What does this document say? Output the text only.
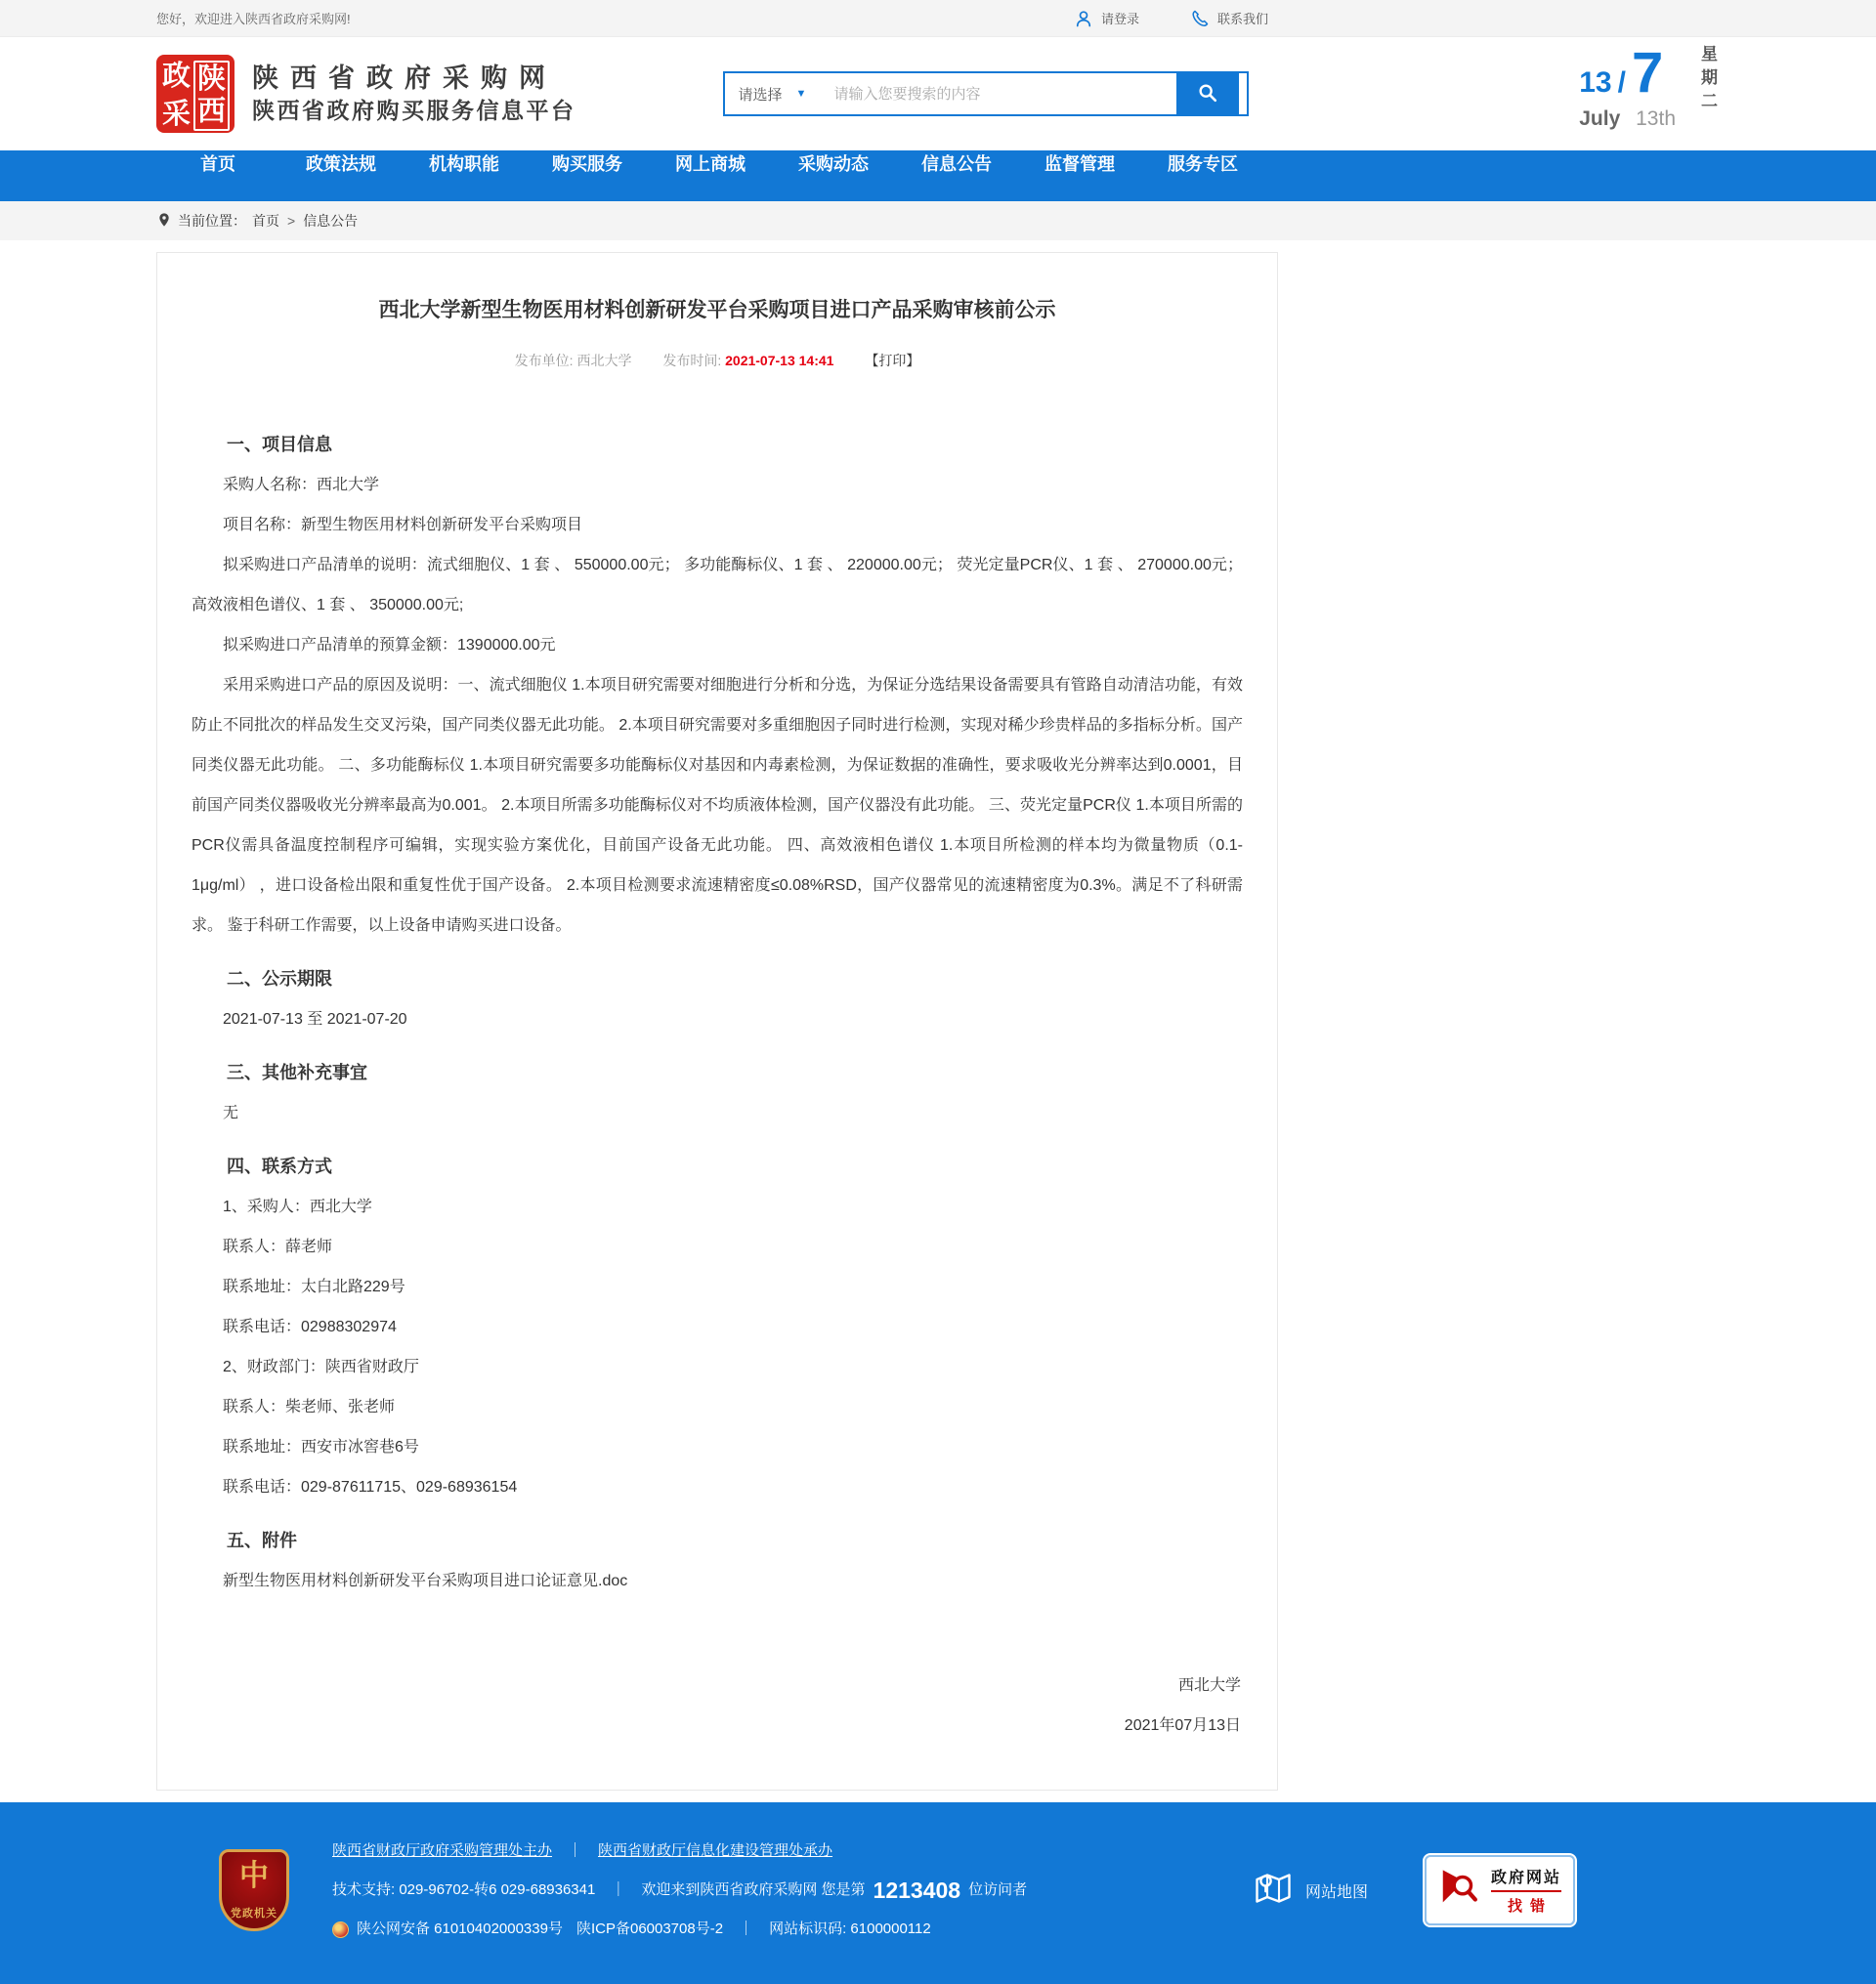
您好，欢迎进入陕西省政府采购网!	请登录	联系我们
政
采
陕
西
陕西省政府采购网
陕西省政府购买服务信息平台
请选择 ▼
请输入您要搜索的内容	13 / 7
July 13th
星期二
首页	政策法规	机构职能	购买服务	网上商城	采购动态	信息公告	监督管理	服务专区
当前位置： 首页 > 信息公告
西北大学新型生物医用材料创新研发平台采购项目进口产品采购审核前公示
发布单位: 西北大学 发布时间: 2021-07-13 14:41 【打印】
一、项目信息

采购人名称：西北大学

项目名称：新型生物医用材料创新研发平台采购项目

拟采购进口产品清单的说明：流式细胞仪、1 套 、 550000.00元； 多功能酶标仪、1 套 、 220000.00元； 荧光定量PCR仪、1 套 、 270000.00元； 高效液相色谱仪、1 套 、 350000.00元;

拟采购进口产品清单的预算金额：1390000.00元

采用采购进口产品的原因及说明：一、流式细胞仪 1.本项目研究需要对细胞进行分析和分选，为保证分选结果设备需要具有管路自动清洁功能，有效防止不同批次的样品发生交叉污染，国产同类仪器无此功能。 2.本项目研究需要对多重细胞因子同时进行检测，实现对稀少珍贵样品的多指标分析。国产同类仪器无此功能。 二、多功能酶标仪 1.本项目研究需要多功能酶标仪对基因和内毒素检测，为保证数据的准确性，要求吸收光分辨率达到0.0001，目前国产同类仪器吸收光分辨率最高为0.001。 2.本项目所需多功能酶标仪对不均质液体检测，国产仪器没有此功能。 三、荧光定量PCR仪 1.本项目所需的PCR仪需具备温度控制程序可编辑，实现实验方案优化，目前国产设备无此功能。 四、高效液相色谱仪 1.本项目所检测的样本均为微量物质（0.1-1μg/ml） ，进口设备检出限和重复性优于国产设备。 2.本项目检测要求流速精密度≤0.08%RSD，国产仪器常见的流速精密度为0.3%。满足不了科研需求。 鉴于科研工作需要，以上设备申请购买进口设备。

二、公示期限

2021-07-13 至 2021-07-20

三、其他补充事宜

无

四、联系方式

1、采购人：西北大学

联系人：薛老师

联系地址：太白北路229号

联系电话：02988302974

2、财政部门：陕西省财政厅

联系人：柴老师、张老师

联系地址：西安市冰窖巷6号

联系电话：029-87611715、029-68936154

五、附件

新型生物医用材料创新研发平台采购项目进口论证意见.doc

西北大学
2021年07月13日
中
党政机关
陕西省财政厅政府采购管理处主办 ｜ 陕西省财政厅信息化建设管理处承办
技术支持: 029-96702-转6 029-68936341 ｜ 欢迎来到陕西省政府采购网 您是第 1213408 位访问者
陕公网安备 61010402000339号 陕ICP备06003708号-2 ｜ 网站标识码: 6100000112
网站地图
政府网站
找错
